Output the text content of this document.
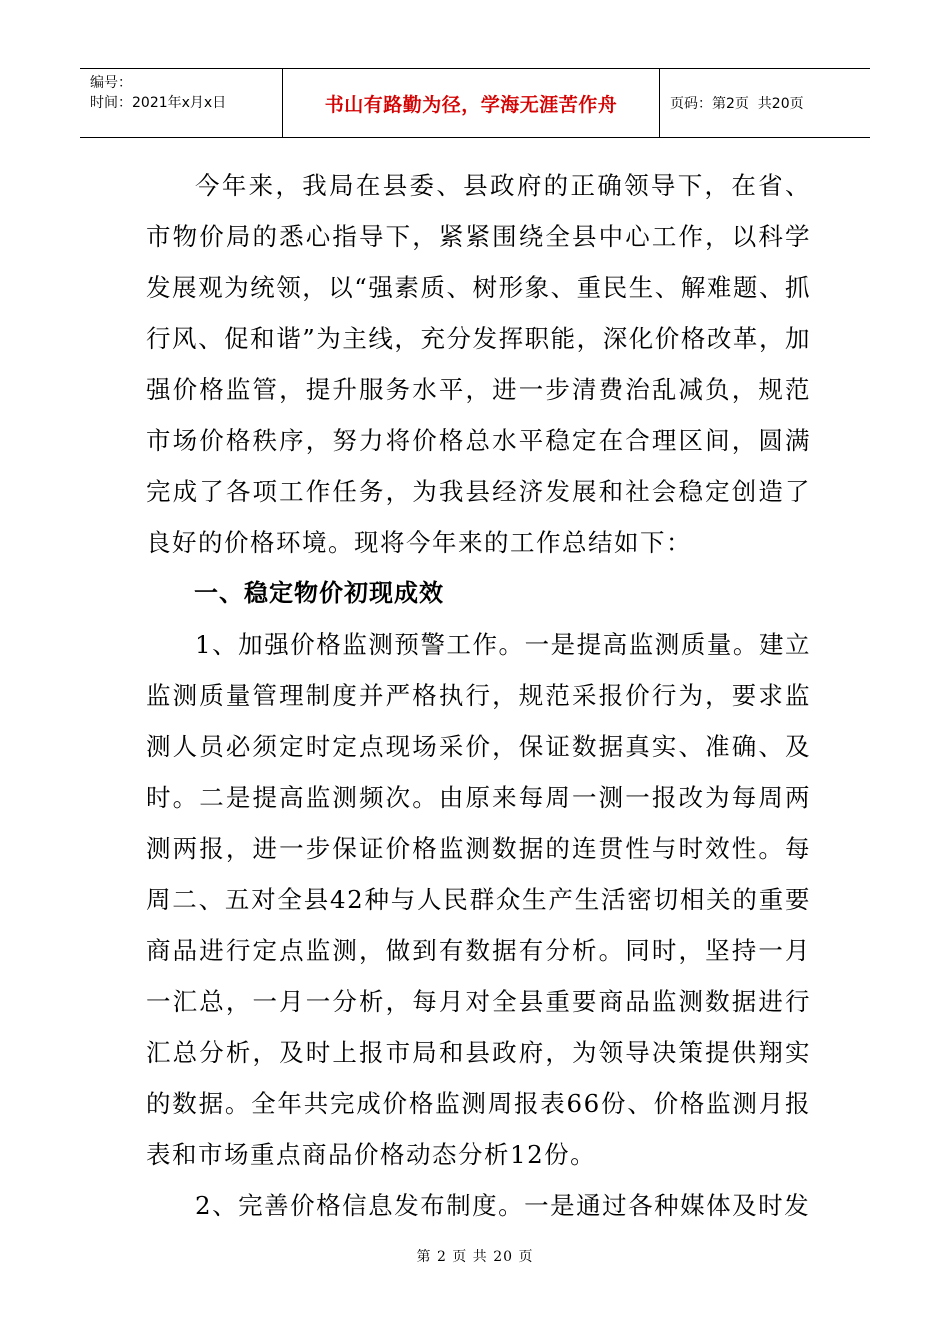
编号：
时间：2021年x月x日	书山有路勤为径，学海无涯苦作舟	页码：第2页  共20页

今年来，我局在县委、县政府的正确领导下，在省、市物价局的悉心指导下，紧紧围绕全县中心工作，以科学发展观为统领，以“强素质、树形象、重民生、解难题、抓行风、促和谐”为主线，充分发挥职能，深化价格改革，加强价格监管，提升服务水平，进一步清费治乱减负，规范市场价格秩序，努力将价格总水平稳定在合理区间，圆满完成了各项工作任务，为我县经济发展和社会稳定创造了良好的价格环境。现将今年来的工作总结如下：

一、稳定物价初现成效

1、加强价格监测预警工作。一是提高监测质量。建立监测质量管理制度并严格执行，规范采报价行为，要求监测人员必须定时定点现场采价，保证数据真实、准确、及时。二是提高监测频次。由原来每周一测一报改为每周两测两报，进一步保证价格监测数据的连贯性与时效性。每周二、五对全县42种与人民群众生产生活密切相关的重要商品进行定点监测，做到有数据有分析。同时，坚持一月一汇总，一月一分析，每月对全县重要商品监测数据进行汇总分析，及时上报市局和县政府，为领导决策提供翔实的数据。全年共完成价格监测周报表66份、价格监测月报表和市场重点商品价格动态分析12份。

2、完善价格信息发布制度。一是通过各种媒体及时发

第 2 页 共 20 页
